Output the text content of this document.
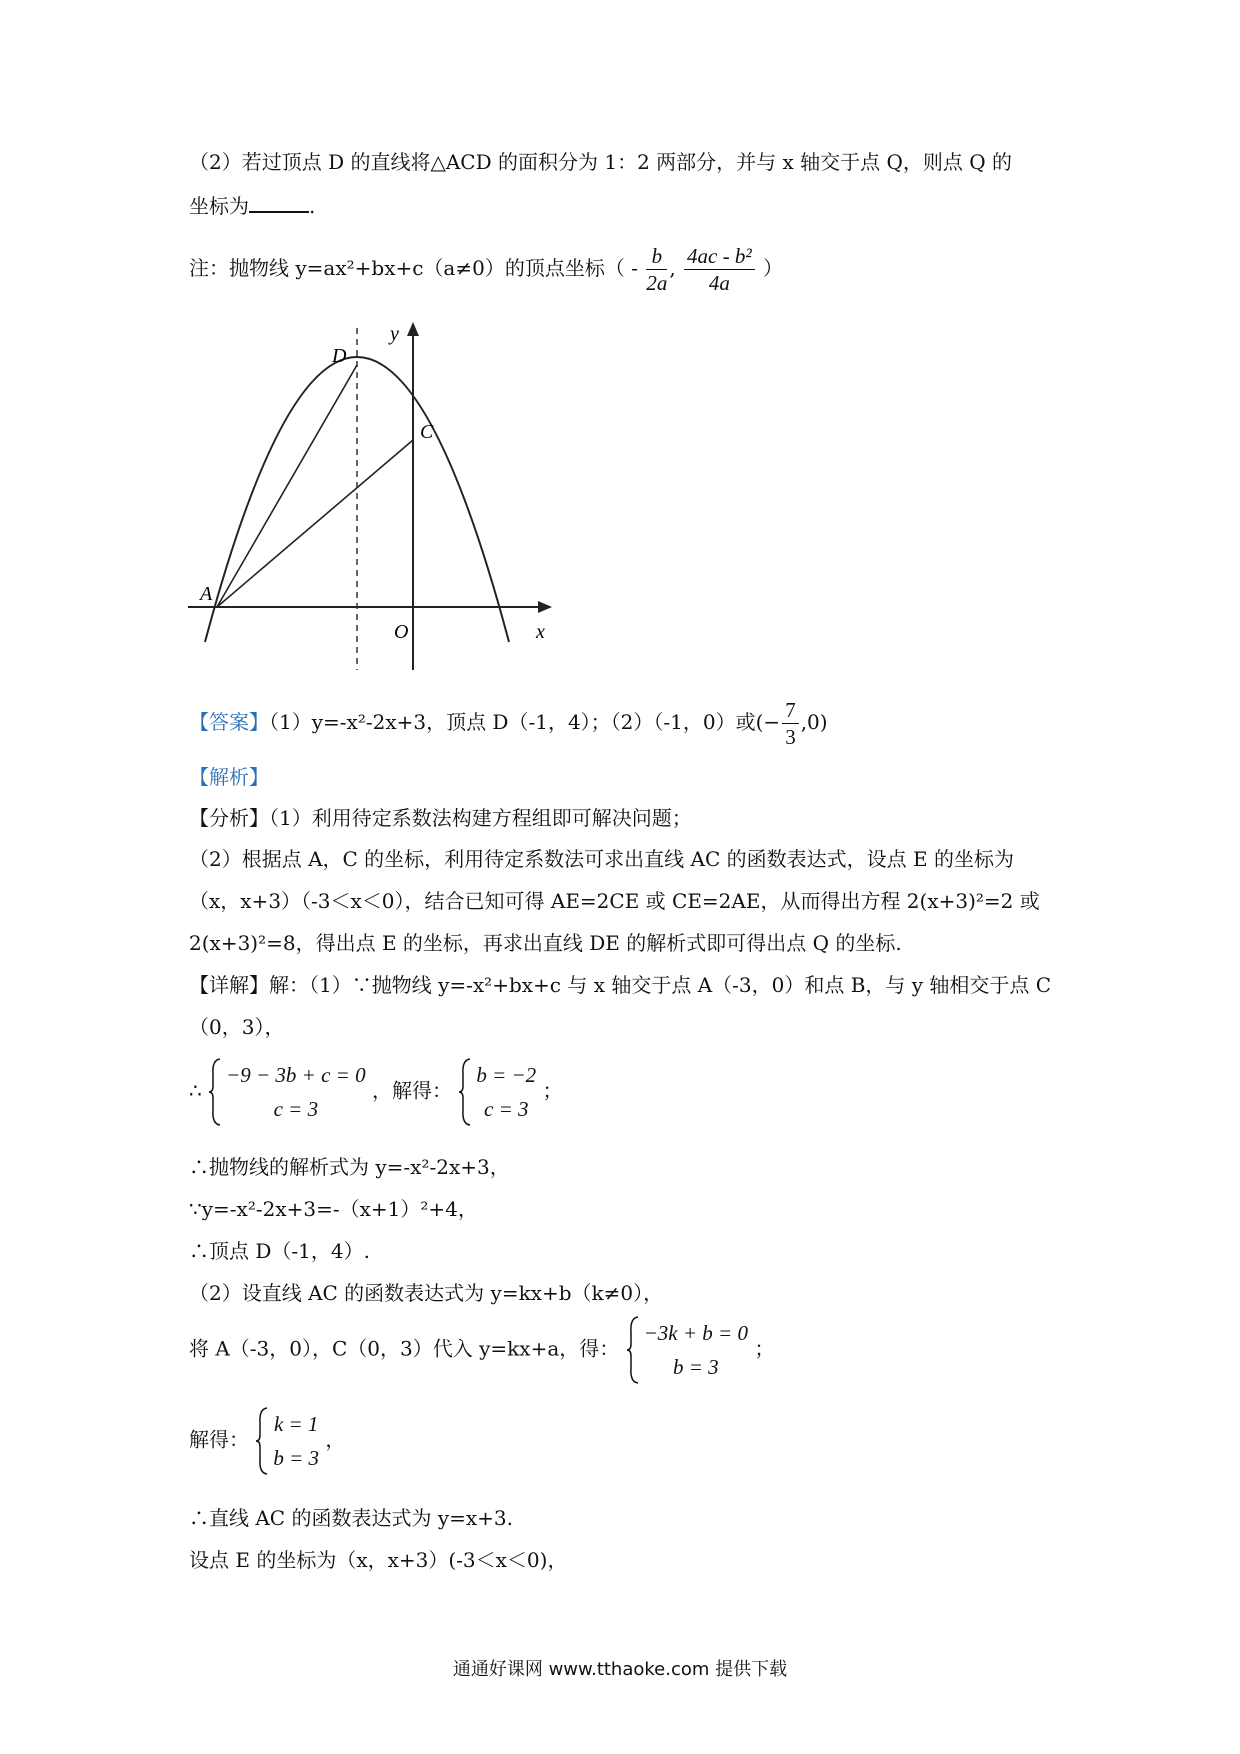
（2）若过顶点 D 的直线将△ACD 的面积分为 1：2 两部分，并与 x 轴交于点 Q，则点 Q 的
坐标为	.
注：抛物线 y=ax²+bx+c（a≠0）的顶点坐标（ - $\frac{b}{2a}$ , $\frac{\text{4ac - b²}}{4a}$ ）
y
D
C
A
O	x
【答案】（1）y=-x²-2x+3，顶点 D（-1，4）；（2）（-1，0）或(− $\frac{7}{3} ,0$)
【解析】
【分析】（1）利用待定系数法构建方程组即可解决问题；
（2）根据点 A，C 的坐标，利用待定系数法可求出直线 AC 的函数表达式，设点 E 的坐标为
（x，x+3）（-3＜x＜0），结合已知可得 AE=2CE 或 CE=2AE，从而得出方程 2(x+3)²=2 或
2(x+3)²=8，得出点 E 的坐标，再求出直线 DE 的解析式即可得出点 Q 的坐标.
【详解】解：（1）∵抛物线 y=-x²+bx+c 与 x 轴交于点 A（-3，0）和点 B，与 y 轴相交于点 C
（0，3），
∴
−9 − 3b + c = 0
c = 3
，解得：
b = −2
c = 3
；
∴抛物线的解析式为 y=-x²-2x+3，
∵y=-x²-2x+3=-（x+1）²+4，
∴顶点 D（-1，4）.
（2）设直线 AC 的函数表达式为 y=kx+b（k≠0），
将 A（-3，0），C（0，3）代入 y=kx+a，得：
−3k + b = 0
b = 3
；
解得：
k = 1
b = 3
，
∴直线 AC 的函数表达式为 y=x+3.
设点 E 的坐标为（x，x+3）(-3＜x＜0)，
通通好课网 www.tthaoke.com 提供下载
